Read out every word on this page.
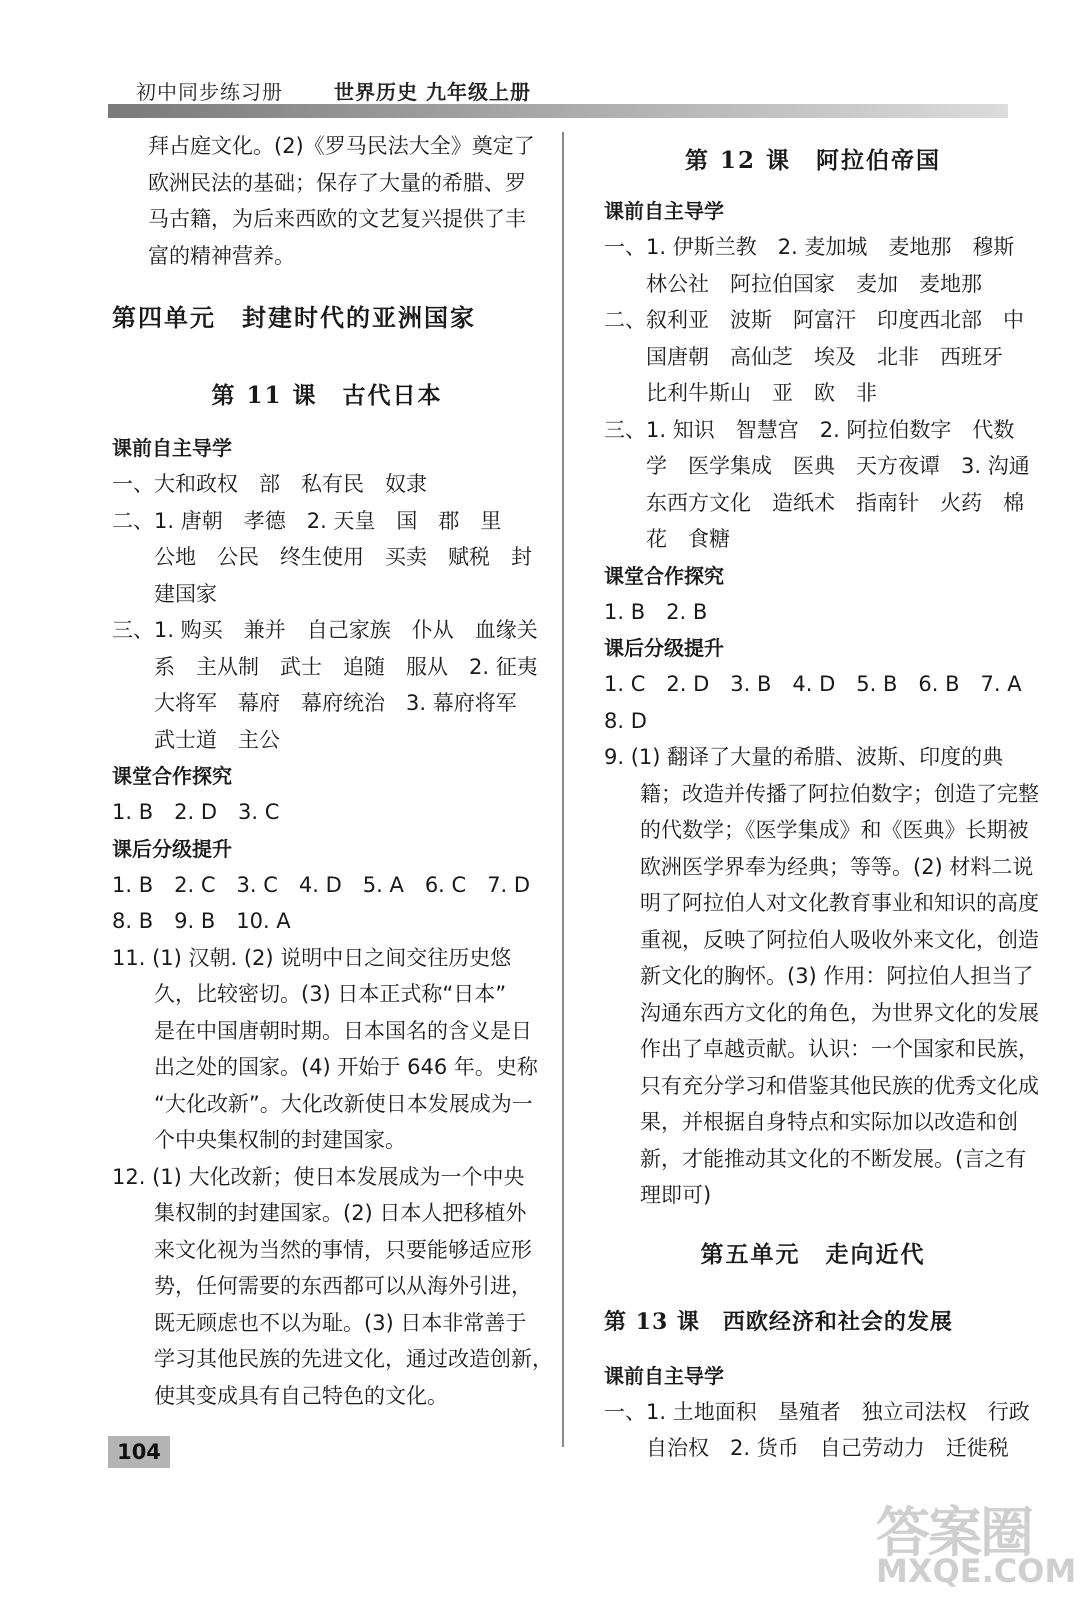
初中同步练习册	世界历史 九年级上册
拜占庭文化。(2)《罗马民法大全》奠定了
欧洲民法的基础；保存了大量的希腊、罗
马古籍，为后来西欧的文艺复兴提供了丰
富的精神营养。
第四单元　封建时代的亚洲国家
第 11 课　古代日本
课前自主导学
一、大和政权　部　私有民　奴隶
二、1. 唐朝　孝德　2. 天皇　国　郡　里
公地　公民　终生使用　买卖　赋税　封
建国家
三、1. 购买　兼并　自己家族　仆从　血缘关
系　主从制　武士　追随　服从　2. 征夷
大将军　幕府　幕府统治　3. 幕府将军
武士道　主公
课堂合作探究
1. B　2. D　3. C
课后分级提升
1. B　2. C　3. C　4. D　5. A　6. C　7. D
8. B　9. B　10. A
11. (1) 汉朝. (2) 说明中日之间交往历史悠
久，比较密切。(3) 日本正式称“日本”
是在中国唐朝时期。日本国名的含义是日
出之处的国家。(4) 开始于 646 年。史称
“大化改新”。大化改新使日本发展成为一
个中央集权制的封建国家。
12. (1) 大化改新；使日本发展成为一个中央
集权制的封建国家。(2) 日本人把移植外
来文化视为当然的事情，只要能够适应形
势，任何需要的东西都可以从海外引进，
既无顾虑也不以为耻。(3) 日本非常善于
学习其他民族的先进文化，通过改造创新，
使其变成具有自己特色的文化。
第 12 课　阿拉伯帝国
课前自主导学
一、1. 伊斯兰教　2. 麦加城　麦地那　穆斯
林公社　阿拉伯国家　麦加　麦地那
二、叙利亚　波斯　阿富汗　印度西北部　中
国唐朝　高仙芝　埃及　北非　西班牙
比利牛斯山　亚　欧　非
三、1. 知识　智慧宫　2. 阿拉伯数字　代数
学　医学集成　医典　天方夜谭　3. 沟通
东西方文化　造纸术　指南针　火药　棉
花　食糖
课堂合作探究
1. B　2. B
课后分级提升
1. C　2. D　3. B　4. D　5. B　6. B　7. A
8. D
9. (1) 翻译了大量的希腊、波斯、印度的典
籍；改造并传播了阿拉伯数字；创造了完整
的代数学；《医学集成》和《医典》长期被
欧洲医学界奉为经典；等等。(2) 材料二说
明了阿拉伯人对文化教育事业和知识的高度
重视，反映了阿拉伯人吸收外来文化，创造
新文化的胸怀。(3) 作用：阿拉伯人担当了
沟通东西方文化的角色，为世界文化的发展
作出了卓越贡献。认识：一个国家和民族，
只有充分学习和借鉴其他民族的优秀文化成
果，并根据自身特点和实际加以改造和创
新，才能推动其文化的不断发展。(言之有
理即可)
第五单元　走向近代
第 13 课　西欧经济和社会的发展
课前自主导学
一、1. 土地面积　垦殖者　独立司法权　行政
自治权　2. 货币　自己劳动力　迁徙税
104
答案圈
MXQE.COM
